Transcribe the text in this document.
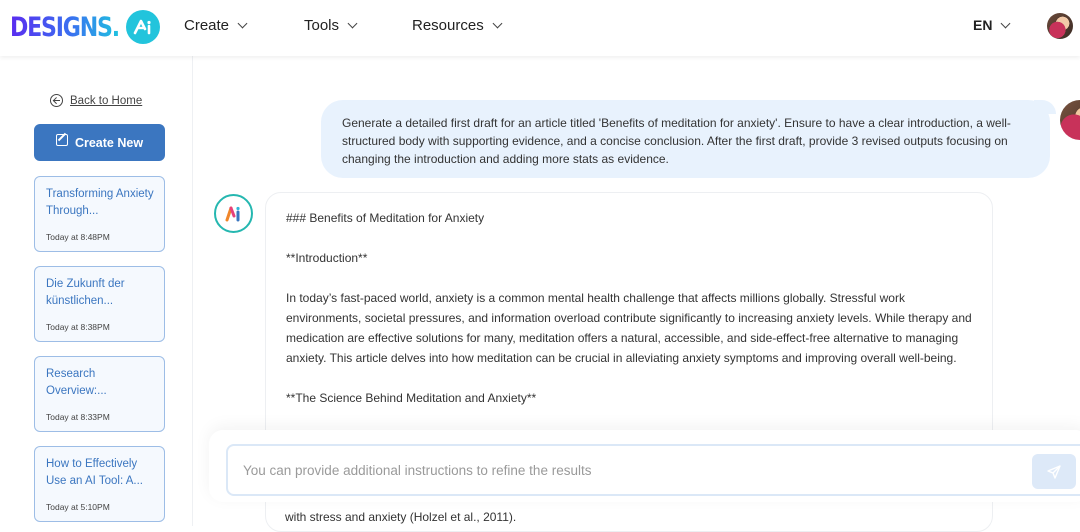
DESIGNS.	Create	Tools	Resources	EN
Back to Home
Create New
Transforming Anxiety Through...
Today at 8:48PM
Die Zukunft der künstlichen...
Today at 8:38PM
Research Overview:...
Today at 8:33PM
How to Effectively Use an AI Tool: A...
Today at 5:10PM
Generate a detailed first draft for an article titled 'Benefits of meditation for anxiety'. Ensure to have a clear introduction, a well-structured body with supporting evidence, and a concise conclusion. After the first draft, provide 3 revised outputs focusing on changing the introduction and adding more stats as evidence.

### Benefits of Meditation for Anxiety

**Introduction**

In today’s fast-paced world, anxiety is a common mental health challenge that affects millions globally. Stressful work environments, societal pressures, and information overload contribute significantly to increasing anxiety levels. While therapy and medication are effective solutions for many, meditation offers a natural, accessible, and side-effect-free alternative to managing anxiety. This article delves into how meditation can be crucial in alleviating anxiety symptoms and improving overall well-being.

**The Science Behind Meditation and Anxiety**

with stress and anxiety (Holzel et al., 2011).
You can provide additional instructions to refine the results
